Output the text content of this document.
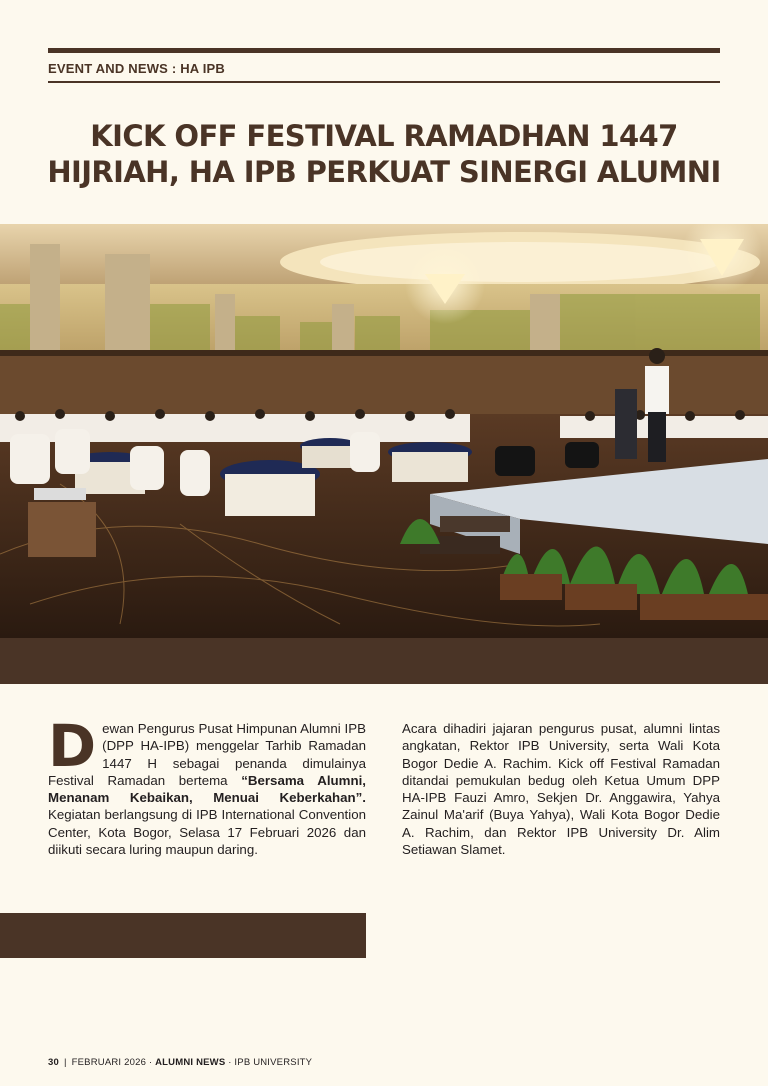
EVENT AND NEWS : HA IPB
KICK OFF FESTIVAL RAMADHAN 1447
HIJRIAH, HA IPB PERKUAT SINERGI ALUMNI
Dewan Pengurus Pusat Himpunan Alumni IPB (DPP HA-IPB) menggelar Tarhib Ramadan 1447 H sebagai penanda dimulainya Festival Ramadan bertema “Bersama Alumni, Menanam Kebaikan, Menuai Keberkahan”. Kegiatan berlangsung di IPB International Convention Center, Kota Bogor, Selasa 17 Februari 2026 dan diikuti secara luring maupun daring.
Acara dihadiri jajaran pengurus pusat, alumni lintas angkatan, Rektor IPB University, serta Wali Kota Bogor Dedie A. Rachim. Kick off Festival Ramadan ditandai pemukulan bedug oleh Ketua Umum DPP HA-IPB Fauzi Amro, Sekjen Dr. Anggawira, Yahya Zainul Ma'arif (Buya Yahya), Wali Kota Bogor Dedie A. Rachim, dan Rektor IPB University Dr. Alim Setiawan Slamet.
30 | FEBRUARI 2026 · ALUMNI NEWS · IPB UNIVERSITY
